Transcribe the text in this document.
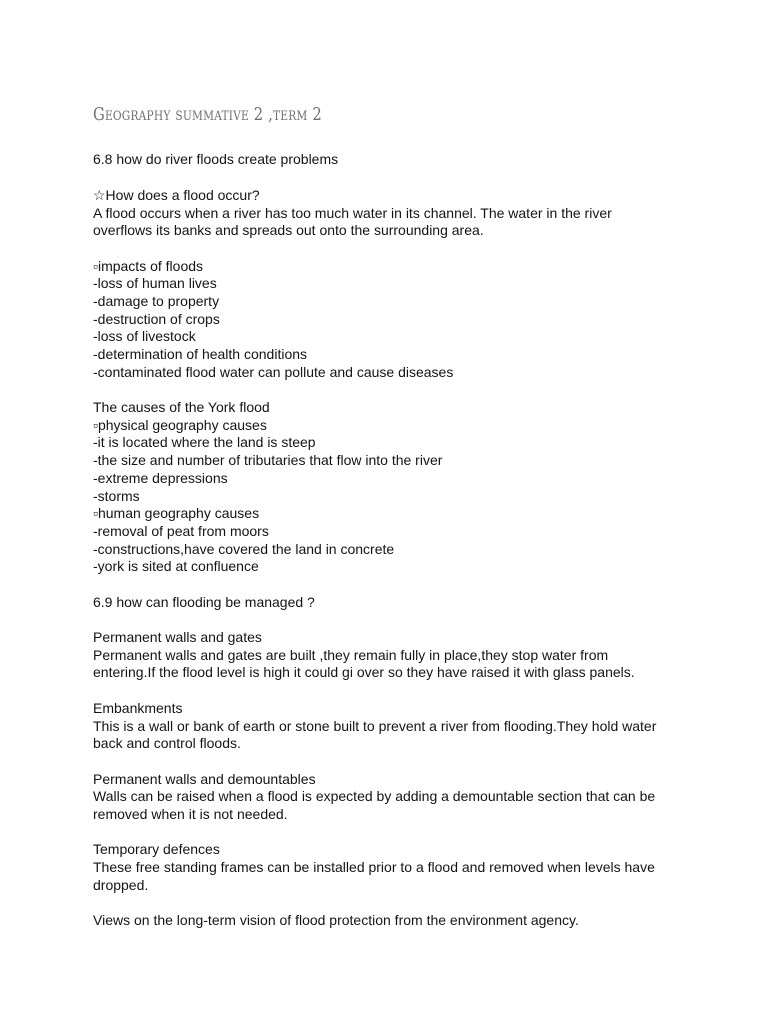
Geography summative 2 ,term 2

6.8 how do river floods create problems

☆How does a flood occur?

A flood occurs when a river has too much water in its channel. The water in the river

overflows its banks and spreads out onto the surrounding area.

▫impacts of floods

-loss of human lives

-damage to property

-destruction of crops

-loss of livestock

-determination of health conditions

-contaminated flood water can pollute and cause diseases

The causes of the York flood

▫physical geography causes

-it is located where the land is steep

-the size and number of tributaries that flow into the river

-extreme depressions

-storms

▫human geography causes

-removal of peat from moors

-constructions,have covered the land in concrete

-york is sited at confluence

6.9 how can flooding be managed ?

Permanent walls and gates

Permanent walls and gates are built ,they remain fully in place,they stop water from

entering.If the flood level is high it could gi over so they have raised it with glass panels.

Embankments

This is a wall or bank of earth or stone built to prevent a river from flooding.They hold water

back and control floods.

Permanent walls and demountables

Walls can be raised when a flood is expected by adding a demountable section that can be

removed when it is not needed.

Temporary defences

These free standing frames can be installed prior to a flood and removed when levels have

dropped.

Views on the long-term vision of flood protection from the environment agency.
